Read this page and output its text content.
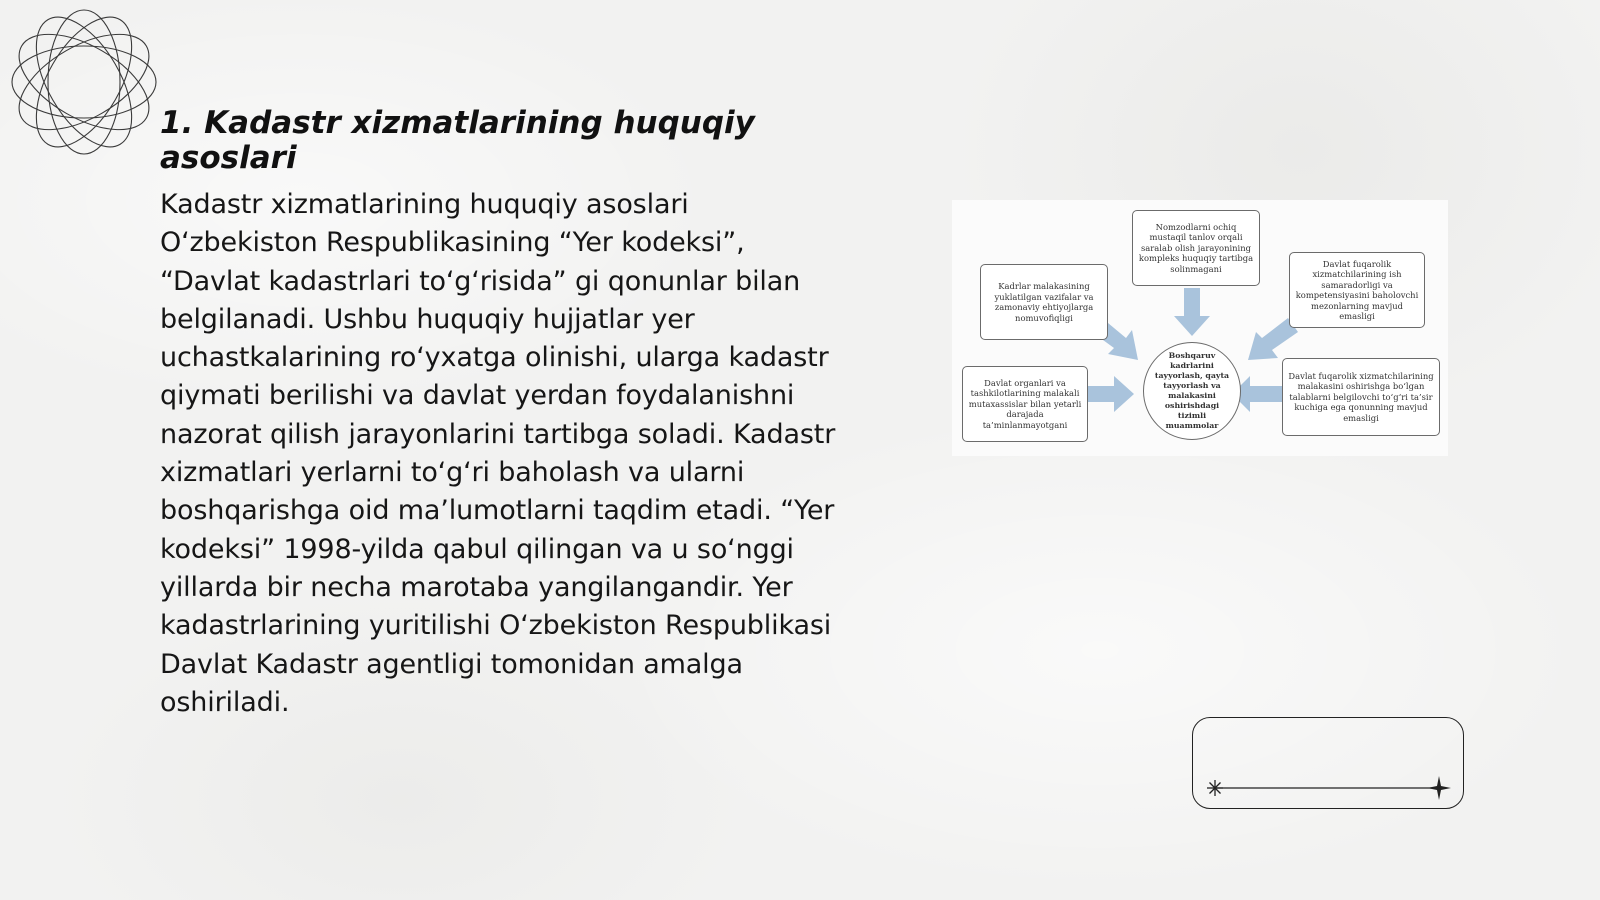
1. Kadastr xizmatlarining huquqiy asoslari

Kadastr xizmatlarining huquqiy asoslari O‘zbekiston Respublikasining “Yer kodeksi”, “Davlat kadastrlari to‘g‘risida” gi qonunlar bilan belgilanadi. Ushbu huquqiy hujjatlar yer uchastkalarining ro‘yxatga olinishi, ularga kadastr qiymati berilishi va davlat yerdan foydalanishni nazorat qilish jarayonlarini tartibga soladi. Kadastr xizmatlari yerlarni to‘g‘ri baholash va ularni boshqarishga oid ma’lumotlarni taqdim etadi. “Yer kodeksi” 1998-yilda qabul qilingan va u so‘nggi yillarda bir necha marotaba yangilangandir. Yer kadastrlarining yuritilishi O‘zbekiston Respublikasi Davlat Kadastr agentligi tomonidan amalga oshiriladi.

Nomzodlarni ochiq mustaqil tanlov orqali saralab olish jarayonining kompleks huquqiy tartibga solinmagani
Kadrlar malakasining yuklatilgan vazifalar va zamonaviy ehtiyojlarga nomuvofiqligi
Davlat fuqarolik xizmatchilarining ish samaradorligi va kompetensiyasini baholovchi mezonlarning mavjud emasligi
Davlat organlari va tashkilotlarining malakali mutaxassislar bilan yetarli darajada ta’minlanmayotgani
Davlat fuqarolik xizmatchilarining malakasini oshirishga bo‘lgan talablarni belgilovchi to‘g‘ri ta’sir kuchiga ega qonunning mavjud emasligi
Boshqaruv kadrlarini tayyorlash, qayta tayyorlash va malakasini oshirishdagi tizimli muammolar
